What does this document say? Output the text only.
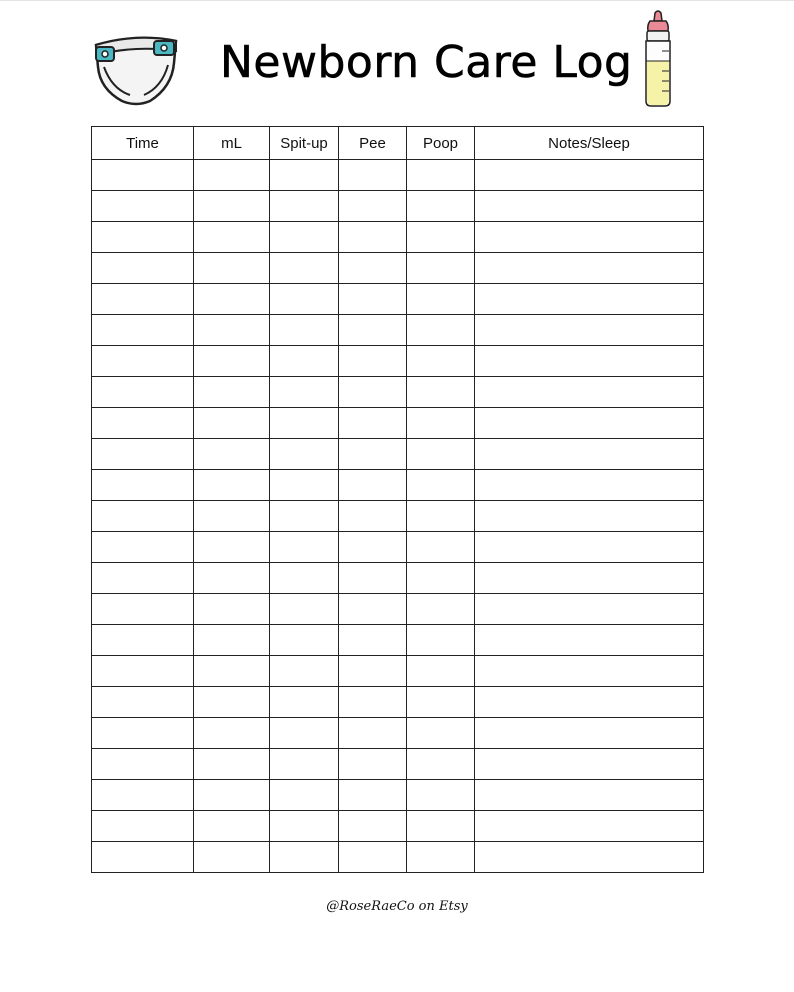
Newborn Care Log
Time	mL	Spit-up	Pee	Poop	Notes/Sleep

@RoseRaeCo on Etsy
